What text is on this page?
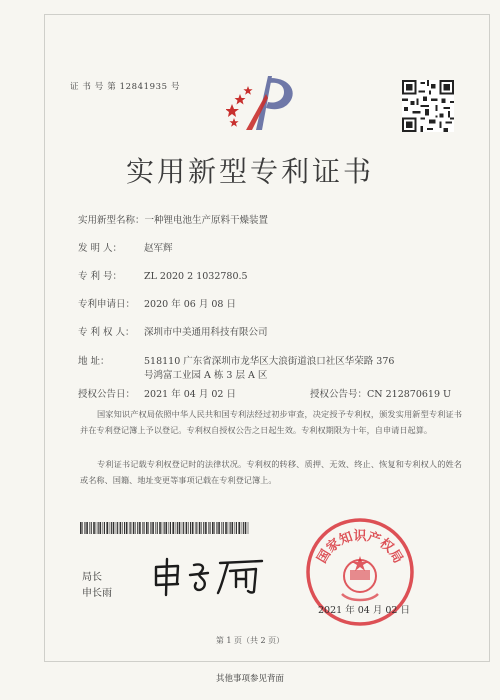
证 书 号 第 12841935 号
实用新型专利证书
实用新型名称：一种锂电池生产原料干燥装置
发 明 人： 赵军辉
专 利 号： ZL 2020 2 1032780.5
专利申请日： 2020 年 06 月 08 日
专 利 权 人： 深圳市中美通用科技有限公司
地 址：	518110 广东省深圳市龙华区大浪街道浪口社区华荣路 376
号鸿富工业园 A 栋 3 层 A 区
授权公告日： 2021 年 04 月 02 日	授权公告号：CN 212870619 U
国家知识产权局依照中华人民共和国专利法经过初步审查，决定授予专利权，颁发实用新型专利证书并在专利登记簿上予以登记。专利权自授权公告之日起生效。专利权期限为十年，自申请日起算。
专利证书记载专利权登记时的法律状况。专利权的转移、质押、无效、终止、恢复和专利权人的姓名或名称、国籍、地址变更等事项记载在专利登记簿上。
局长
申长雨
国家知识产权局
2021 年 04 月 02 日
第 1 页（共 2 页）
其他事项参见背面
